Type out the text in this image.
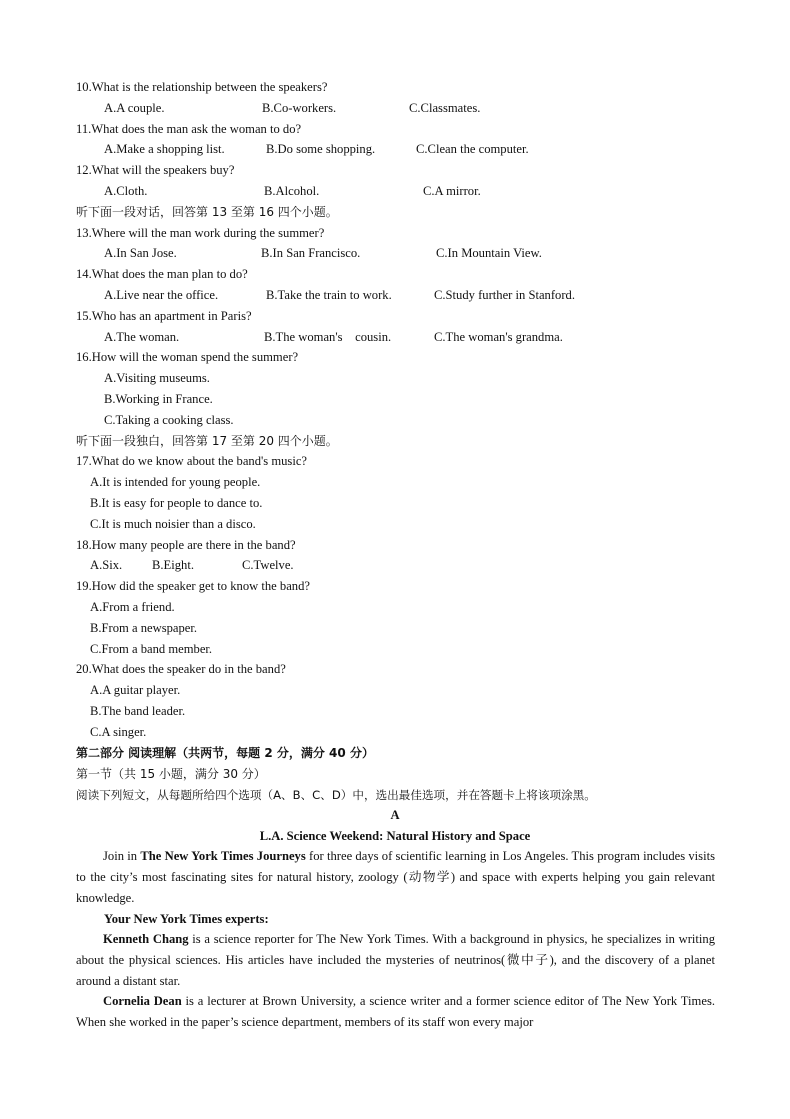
10.What is the relationship between the speakers?
A.A couple.	B.Co-workers.	C.Classmates.
11.What does the man ask the woman to do?
A.Make a shopping list.	B.Do some shopping.	C.Clean the computer.
12.What will the speakers buy?
A.Cloth.	B.Alcohol.	C.A mirror.
听下面一段对话，回答第 13 至第 16 四个小题。
13.Where will the man work during the summer?
A.In San Jose.	B.In San Francisco.	C.In Mountain View.
14.What does the man plan to do?
A.Live near the office.	B.Take the train to work.	C.Study further in Stanford.
15.Who has an apartment in Paris?
A.The woman.	B.The woman's    cousin.	C.The woman's grandma.
16.How will the woman spend the summer?
A.Visiting museums.
B.Working in France.
C.Taking a cooking class.
听下面一段独白，回答第 17 至第 20 四个小题。
17.What do we know about the band's music?
A.It is intended for young people.
B.It is easy for people to dance to.
C.It is much noisier than a disco.
18.How many people are there in the band?
A.Six. B.Eight.	C.Twelve.
19.How did the speaker get to know the band?
A.From a friend.
B.From a newspaper.
C.From a band member.
20.What does the speaker do in the band?
A.A guitar player.
B.The band leader.
C.A singer.
第二部分 阅读理解（共两节，每题 2 分，满分 40 分）
第一节（共 15 小题，满分 30 分）
阅读下列短文，从每题所给四个选项（A、B、C、D）中，选出最佳选项，并在答题卡上将该项涂黑。
A
L.A. Science Weekend: Natural History and Space
Join in The New York Times Journeys for three days of scientific learning in Los Angeles. This program includes visits to the city’s most fascinating sites for natural history, zoology (动物学) and space with experts helping you gain relevant knowledge.
Your New York Times experts:
Kenneth Chang is a science reporter for The New York Times. With a background in physics, he specializes in writing about the physical sciences. His articles have included the mysteries of neutrinos(微中子), and the discovery of a planet around a distant star.
Cornelia Dean is a lecturer at Brown University, a science writer and a former science editor of The New York Times. When she worked in the paper’s science department, members of its staff won every major
